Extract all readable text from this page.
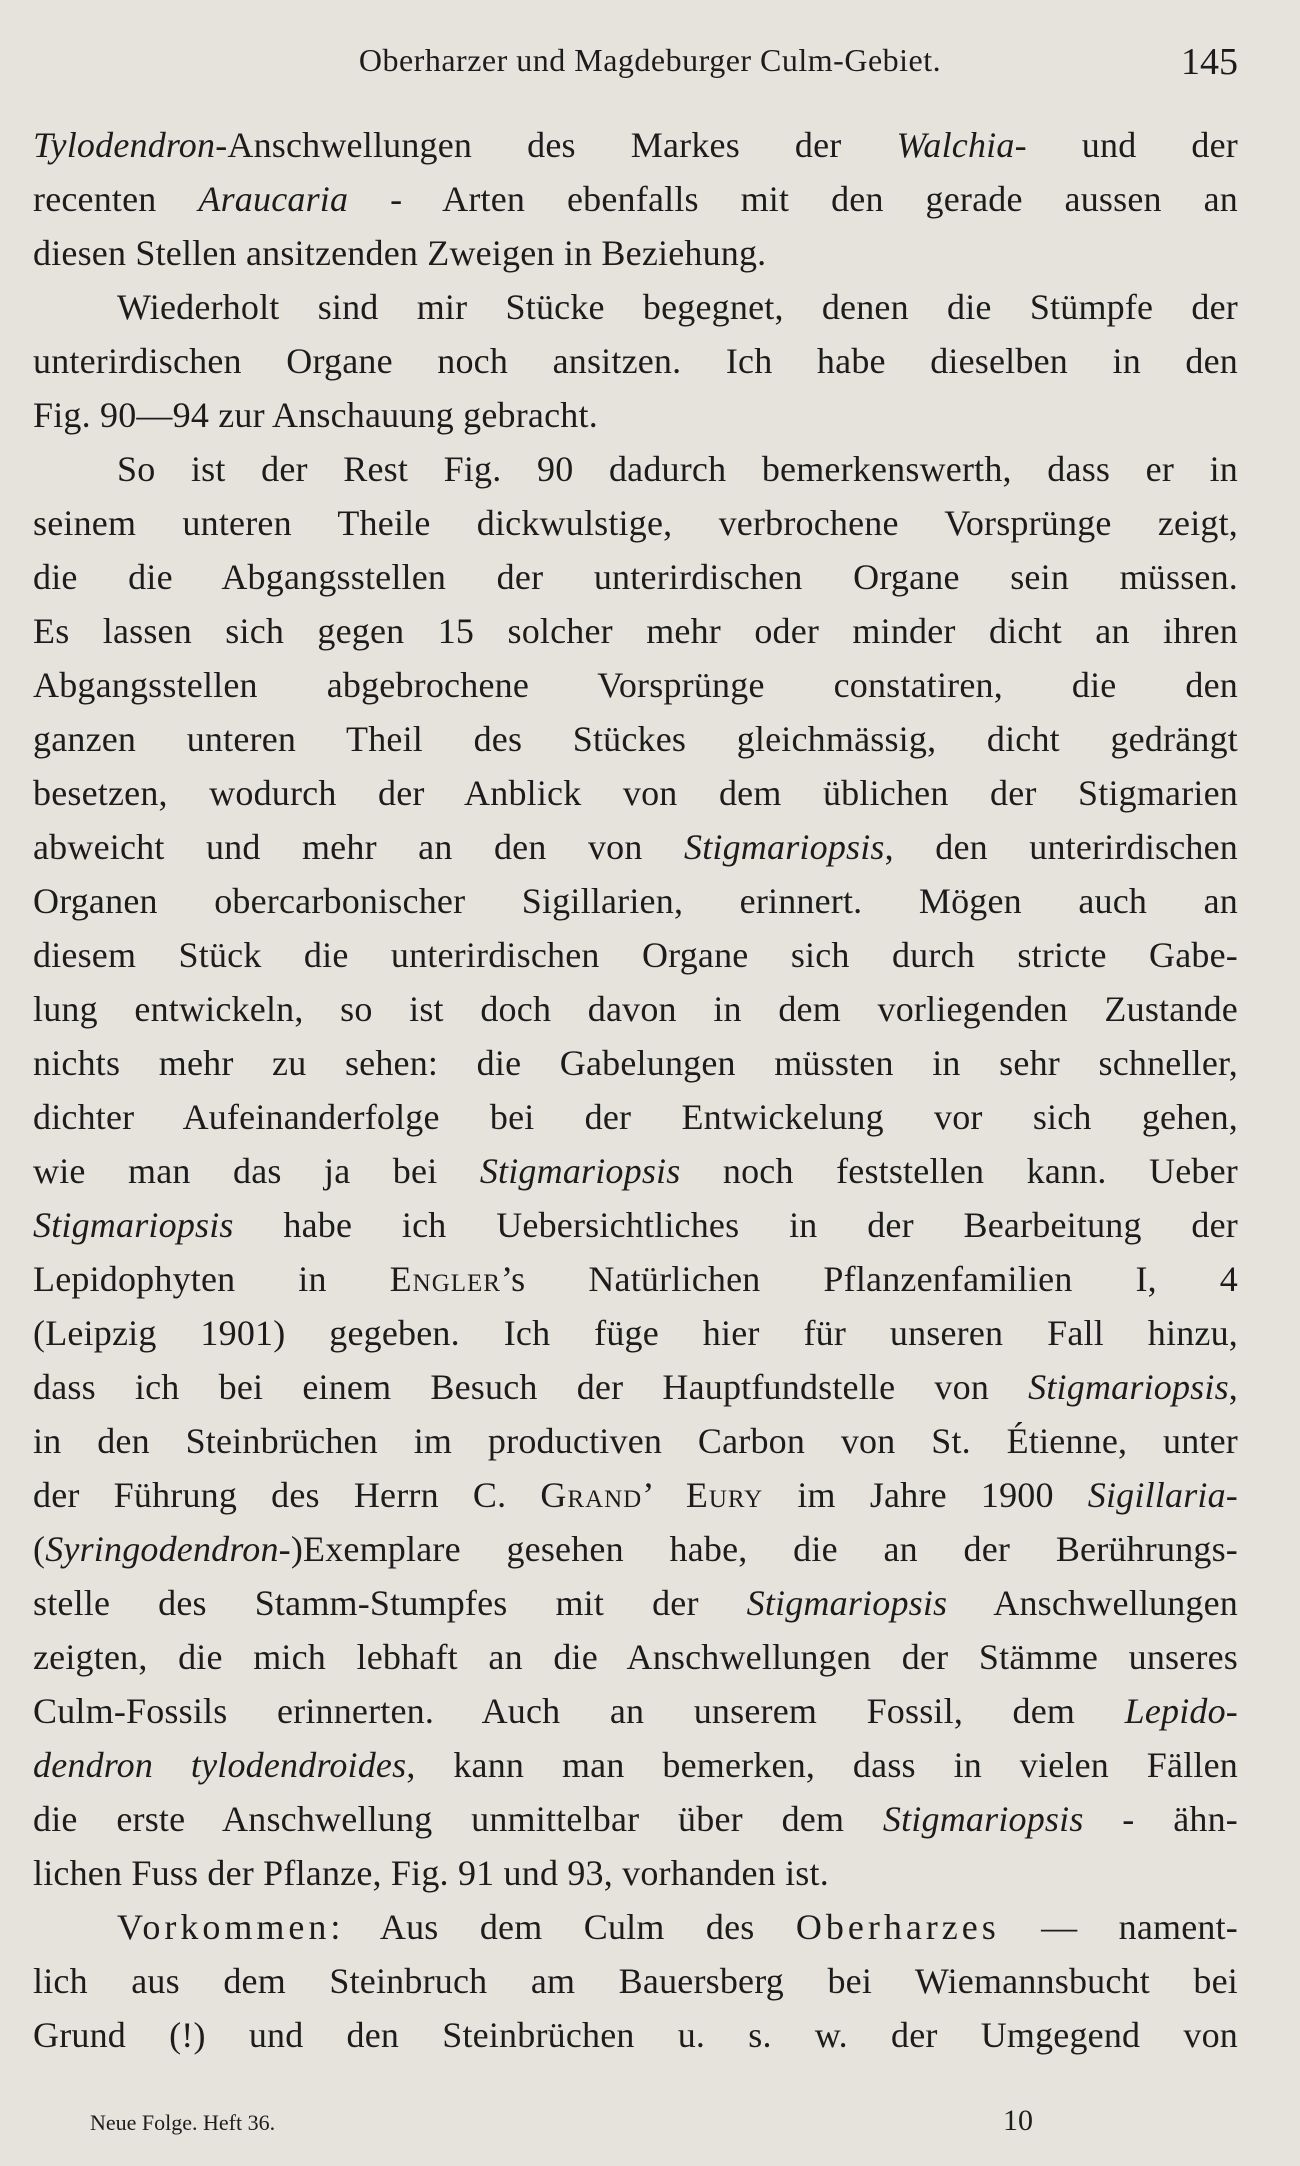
Oberharzer und Magdeburger Culm-Gebiet.	145
Tylodendron-Anschwellungen des Markes der Walchia- und der
recenten Araucaria - Arten ebenfalls mit den gerade aussen an
diesen Stellen ansitzenden Zweigen in Beziehung.
Wiederholt sind mir Stücke begegnet, denen die Stümpfe der
unterirdischen Organe noch ansitzen. Ich habe dieselben in den
Fig. 90—94 zur Anschauung gebracht.
So ist der Rest Fig. 90 dadurch bemerkenswerth, dass er in
seinem unteren Theile dickwulstige, verbrochene Vorsprünge zeigt,
die die Abgangsstellen der unterirdischen Organe sein müssen.
Es lassen sich gegen 15 solcher mehr oder minder dicht an ihren
Abgangsstellen abgebrochene Vorsprünge constatiren, die den
ganzen unteren Theil des Stückes gleichmässig, dicht gedrängt
besetzen, wodurch der Anblick von dem üblichen der Stigmarien
abweicht und mehr an den von Stigmariopsis, den unterirdischen
Organen obercarbonischer Sigillarien, erinnert. Mögen auch an
diesem Stück die unterirdischen Organe sich durch stricte Gabe-
lung entwickeln, so ist doch davon in dem vorliegenden Zustande
nichts mehr zu sehen: die Gabelungen müssten in sehr schneller,
dichter Aufeinanderfolge bei der Entwickelung vor sich gehen,
wie man das ja bei Stigmariopsis noch feststellen kann. Ueber
Stigmariopsis habe ich Uebersichtliches in der Bearbeitung der
Lepidophyten in Engler’s Natürlichen Pflanzenfamilien I, 4
(Leipzig 1901) gegeben. Ich füge hier für unseren Fall hinzu,
dass ich bei einem Besuch der Hauptfundstelle von Stigmariopsis,
in den Steinbrüchen im productiven Carbon von St. Étienne, unter
der Führung des Herrn C. Grand’ Eury im Jahre 1900 Sigillaria-
(Syringodendron-)Exemplare gesehen habe, die an der Berührungs-
stelle des Stamm-Stumpfes mit der Stigmariopsis Anschwellungen
zeigten, die mich lebhaft an die Anschwellungen der Stämme unseres
Culm-Fossils erinnerten. Auch an unserem Fossil, dem Lepido-
dendron tylodendroides, kann man bemerken, dass in vielen Fällen
die erste Anschwellung unmittelbar über dem Stigmariopsis - ähn-
lichen Fuss der Pflanze, Fig. 91 und 93, vorhanden ist.
Vorkommen: Aus dem Culm des Oberharzes — nament-
lich aus dem Steinbruch am Bauersberg bei Wiemannsbucht bei
Grund (!) und den Steinbrüchen u. s. w. der Umgegend von
Neue Folge. Heft 36.	10
